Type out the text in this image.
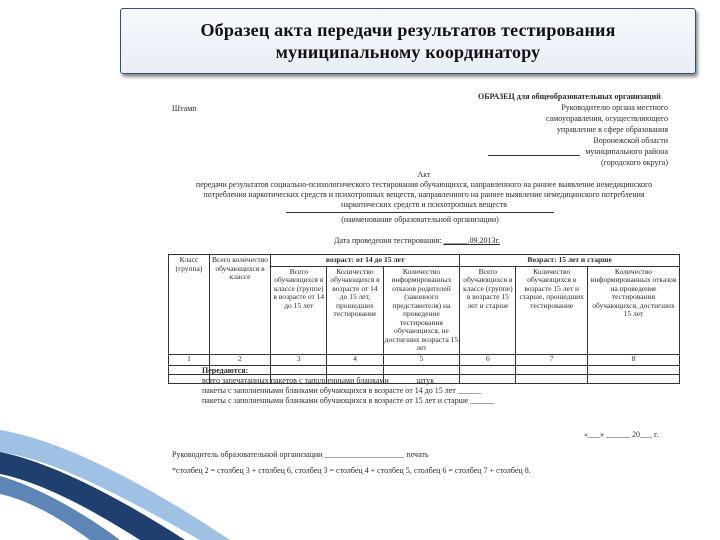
Образец акта передачи результатов тестирования
муниципальному координатору
Штамп
ОБРАЗЕЦ для общеобразовательных организаций
Руководителю органа местного
самоуправления, осуществляющего
управление в сфере образования
Воронежской области
муниципального района
(городского округа)
Акт
передачи результатов социально-психологического тестирования обучающихся, направленного на раннее выявление немедицинского
потребления наркотических средств и психотропных веществ, направленного на раннее выявление немедицинского потребления
наркотических средств и психотропных веществ
(наименование образовательной организации)
Дата проведения тестирования: ______.09.2013г.
Класс (группа)	Всего количество обучающихся в классе	возраст: от 14 до 15 лет			Возраст: 15 лет и старше		
		Всего обучающихся в классе (группе) в возрасте от 14 до 15 лет	Количество обучающихся в возрасте от 14 до 15 лет, прошедших тестирование	Количество информированных отказов родителей (законного представителя) на проведение тестирования обучающихся, не достигших возраста 15 лет	Всего обучающихся в классе (группе) в возрасте 15 лет и старше	Количество обучающихся в возрасте 15 лет и старше, прошедших тестирование	Количество информированных отказов на проведение тестирования обучающихся, достигших 15 лет
1	2	3	4	5	6	7	8

Передаются:
всего запечатанных пакетов с заполненными бланками ______ штук
пакеты с заполненными бланками обучающихся в возрасте от 14 до 15 лет ______
пакеты с заполненными бланками обучающихся в возрасте от 15 лет и старше ______
«___» ______ 20___ г.
Руководитель образовательной организации ____________________ печать
*столбец 2 = столбец 3 + столбец 6, столбец 3 = столбец 4 + столбец 5, столбец 6 = столбец 7 + столбец 8.
